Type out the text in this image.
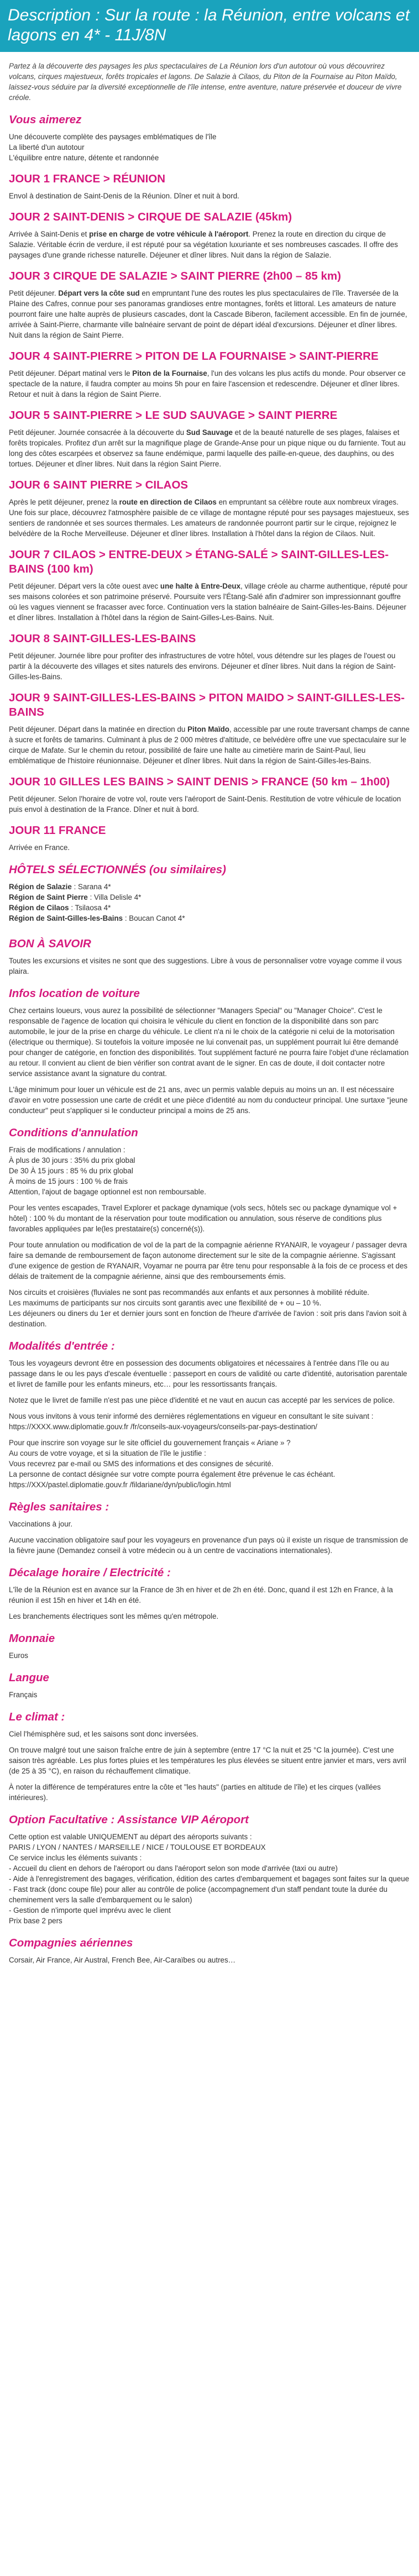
Description : Sur la route : la Réunion, entre volcans et lagons en 4* - 11J/8N

Partez à la découverte des paysages les plus spectaculaires de La Réunion lors d'un autotour où vous découvrirez volcans, cirques majestueux, forêts tropicales et lagons. De Salazie à Cilaos, du Piton de la Fournaise au Piton Maïdo, laissez-vous séduire par la diversité exceptionnelle de l'île intense, entre aventure, nature préservée et douceur de vivre créole.

Vous aimerez
Une découverte complète des paysages emblématiques de l'île
La liberté d'un autotour
L'équilibre entre nature, détente et randonnée
JOUR 1 FRANCE > RÉUNION

Envol à destination de Saint-Denis de la Réunion. Dîner et nuit à bord.

JOUR 2 SAINT-DENIS > CIRQUE DE SALAZIE (45km)

Arrivée à Saint-Denis et prise en charge de votre véhicule à l'aéroport. Prenez la route en direction du cirque de Salazie. Véritable écrin de verdure, il est réputé pour sa végétation luxuriante et ses nombreuses cascades. Il offre des paysages d'une grande richesse naturelle. Déjeuner et dîner libres. Nuit dans la région de Salazie.

JOUR 3 CIRQUE DE SALAZIE > SAINT PIERRE (2h00 – 85 km)

Petit déjeuner. Départ vers la côte sud en empruntant l'une des routes les plus spectaculaires de l'île. Traversée de la Plaine des Cafres, connue pour ses panoramas grandioses entre montagnes, forêts et littoral. Les amateurs de nature pourront faire une halte auprès de plusieurs cascades, dont la Cascade Biberon, facilement accessible. En fin de journée, arrivée à Saint-Pierre, charmante ville balnéaire servant de point de départ idéal d'excursions. Déjeuner et dîner libres. Nuit dans la région de Saint Pierre.

JOUR 4 SAINT-PIERRE > PITON DE LA FOURNAISE > SAINT-PIERRE

Petit déjeuner. Départ matinal vers le Piton de la Fournaise, l'un des volcans les plus actifs du monde. Pour observer ce spectacle de la nature, il faudra compter au moins 5h pour en faire l'ascension et redescendre. Déjeuner et dîner libres. Retour et nuit à dans la région de Saint Pierre.

JOUR 5 SAINT-PIERRE > LE SUD SAUVAGE > SAINT PIERRE

Petit déjeuner. Journée consacrée à la découverte du Sud Sauvage et de la beauté naturelle de ses plages, falaises et forêts tropicales. Profitez d'un arrêt sur la magnifique plage de Grande-Anse pour un pique nique ou du farniente. Tout au long des côtes escarpées et observez sa faune endémique, parmi laquelle des paille-en-queue, des dauphins, ou des tortues. Déjeuner et dîner libres. Nuit dans la région Saint Pierre.

JOUR 6 SAINT PIERRE > CILAOS

Après le petit déjeuner, prenez la route en direction de Cilaos en empruntant sa célèbre route aux nombreux virages. Une fois sur place, découvrez l'atmosphère paisible de ce village de montagne réputé pour ses paysages majestueux, ses sentiers de randonnée et ses sources thermales. Les amateurs de randonnée pourront partir sur le cirque, rejoignez le belvédère de la Roche Merveilleuse. Déjeuner et dîner libres. Installation à l'hôtel dans la région de Cilaos. Nuit.

JOUR 7 CILAOS > ENTRE-DEUX > ÉTANG-SALÉ > SAINT-GILLES-LES-BAINS (100 km)

Petit déjeuner. Départ vers la côte ouest avec une halte à Entre-Deux, village créole au charme authentique, réputé pour ses maisons colorées et son patrimoine préservé. Poursuite vers l'Étang-Salé afin d'admirer son impressionnant gouffre où les vagues viennent se fracasser avec force. Continuation vers la station balnéaire de Saint-Gilles-les-Bains. Déjeuner et dîner libres. Installation à l'hôtel dans la région de Saint-Gilles-Les-Bains. Nuit.

JOUR 8 SAINT-GILLES-LES-BAINS

Petit déjeuner. Journée libre pour profiter des infrastructures de votre hôtel, vous détendre sur les plages de l'ouest ou partir à la découverte des villages et sites naturels des environs. Déjeuner et dîner libres. Nuit dans la région de Saint-Gilles-les-Bains.

JOUR 9 SAINT-GILLES-LES-BAINS > PITON MAIDO > SAINT-GILLES-LES-BAINS

Petit déjeuner. Départ dans la matinée en direction du Piton Maïdo, accessible par une route traversant champs de canne à sucre et forêts de tamarins. Culminant à plus de 2 000 mètres d'altitude, ce belvédère offre une vue spectaculaire sur le cirque de Mafate. Sur le chemin du retour, possibilité de faire une halte au cimetière marin de Saint-Paul, lieu emblématique de l'histoire réunionnaise. Déjeuner et dîner libres. Nuit dans la région de Saint-Gilles-les-Bains.

JOUR 10 GILLES LES BAINS > SAINT DENIS > FRANCE (50 km – 1h00)

Petit déjeuner. Selon l'horaire de votre vol, route vers l'aéroport de Saint-Denis. Restitution de votre véhicule de location puis envol à destination de la France. Dîner et nuit à bord.

JOUR 11 FRANCE

Arrivée en France.

HÔTELS SÉLECTIONNÉS (ou similaires)
Région de Salazie : Sarana 4*
Région de Saint Pierre : Villa Delisle 4*
Région de Cilaos : Tsilaosa 4*
Région de Saint-Gilles-les-Bains : Boucan Canot 4*
BON À SAVOIR

Toutes les excursions et visites ne sont que des suggestions. Libre à vous de personnaliser votre voyage comme il vous plaira.

Infos location de voiture

Chez certains loueurs, vous aurez la possibilité de sélectionner "Managers Special" ou "Manager Choice". C'est le responsable de l'agence de location qui choisira le véhicule du client en fonction de la disponibilité dans son parc automobile, le jour de la prise en charge du véhicule. Le client n'a ni le choix de la catégorie ni celui de la motorisation (électrique ou thermique). Si toutefois la voiture imposée ne lui convenait pas, un supplément pourrait lui être demandé pour changer de catégorie, en fonction des disponibilités. Tout supplément facturé ne pourra faire l'objet d'une réclamation au retour. Il convient au client de bien vérifier son contrat avant de le signer. En cas de doute, il doit contacter notre service assistance avant la signature du contrat.

L'âge minimum pour louer un véhicule est de 21 ans, avec un permis valable depuis au moins un an. Il est nécessaire d'avoir en votre possession une carte de crédit et une pièce d'identité au nom du conducteur principal. Une surtaxe "jeune conducteur" peut s'appliquer si le conducteur principal a moins de 25 ans.

Conditions d'annulation
Frais de modifications / annulation :
À plus de 30 jours : 35% du prix global
De 30 À 15 jours : 85 % du prix global
À moins de 15 jours : 100 % de frais
Attention, l'ajout de bagage optionnel est non remboursable.

Pour les ventes escapades, Travel Explorer et package dynamique (vols secs, hôtels sec ou package dynamique vol + hôtel) : 100 % du montant de la réservation pour toute modification ou annulation, sous réserve de conditions plus favorables appliquées par le(les prestataire(s) concerné(s)).

Pour toute annulation ou modification de vol de la part de la compagnie aérienne RYANAIR, le voyageur / passager devra faire sa demande de remboursement de façon autonome directement sur le site de la compagnie aérienne. S'agissant d'une exigence de gestion de RYANAIR, Voyamar ne pourra par être tenu pour responsable à la fois de ce process et des délais de traitement de la compagnie aérienne, ainsi que des remboursements émis.

Nos circuits et croisières (fluviales ne sont pas recommandés aux enfants et aux personnes à mobilité réduite.
Les maximums de participants sur nos circuits sont garantis avec une flexibilité de + ou – 10 %.
Les déjeuners ou diners du 1er et dernier jours sont en fonction de l'heure d'arrivée de l'avion : soit pris dans l'avion soit à destination.
Modalités d'entrée :

Tous les voyageurs devront être en possession des documents obligatoires et nécessaires à l'entrée dans l'île ou au passage dans le ou les pays d'escale éventuelle : passeport en cours de validité ou carte d'identité, autorisation parentale et livret de famille pour les enfants mineurs, etc… pour les ressortissants français.

Notez que le livret de famille n'est pas une pièce d'identité et ne vaut en aucun cas accepté par les services de police.

Nous vous invitons à vous tenir informé des dernières réglementations en vigueur en consultant le site suivant : https://XXXX.www.diplomatie.gouv.fr /fr/conseils-aux-voyageurs/conseils-par-pays-destination/

Pour que inscrire son voyage sur le site officiel du gouvernement français « Ariane » ?
Au cours de votre voyage, et si la situation de l'île le justifie :
Vous recevrez par e-mail ou SMS des informations et des consignes de sécurité.
La personne de contact désignée sur votre compte pourra également être prévenue le cas échéant.
https://XXX/pastel.diplomatie.gouv.fr /fildariane/dyn/public/login.html
Règles sanitaires :

Vaccinations à jour.

Aucune vaccination obligatoire sauf pour les voyageurs en provenance d'un pays où il existe un risque de transmission de la fièvre jaune (Demandez conseil à votre médecin ou à un centre de vaccinations internationales).

Décalage horaire / Electricité :

L'île de la Réunion est en avance sur la France de 3h en hiver et de 2h en été. Donc, quand il est 12h en France, à la réunion il est 15h en hiver et 14h en été.

Les branchements électriques sont les mêmes qu'en métropole.

Monnaie

Euros

Langue

Français

Le climat :

Ciel l'hémisphère sud, et les saisons sont donc inversées.

On trouve malgré tout une saison fraîche entre de juin à septembre (entre 17 °C la nuit et 25 °C la journée). C'est une saison très agréable. Les plus fortes pluies et les températures les plus élevées se situent entre janvier et mars, vers avril (de 25 à 35 °C), en raison du réchauffement climatique.

À noter la différence de températures entre la côte et "les hauts" (parties en altitude de l'île) et les cirques (vallées intérieures).

Option Facultative : Assistance VIP Aéroport
Cette option est valable UNIQUEMENT au départ des aéroports suivants :
PARIS / LYON / NANTES / MARSEILLE / NICE / TOULOUSE ET BORDEAUX
Ce service inclus les éléments suivants :
- Accueil du client en dehors de l'aéroport ou dans l'aéroport selon son mode d'arrivée (taxi ou autre)
- Aide à l'enregistrement des bagages, vérification, édition des cartes d'embarquement et bagages sont faites sur la queue
- Fast track (donc coupe file) pour aller au contrôle de police (accompagnement d'un staff pendant toute la durée du cheminement vers la salle d'embarquement ou le salon)
- Gestion de n'importe quel imprévu avec le client
Prix base 2 pers
Compagnies aériennes

Corsair, Air France, Air Austral, French Bee, Air-Caraïbes ou autres…
